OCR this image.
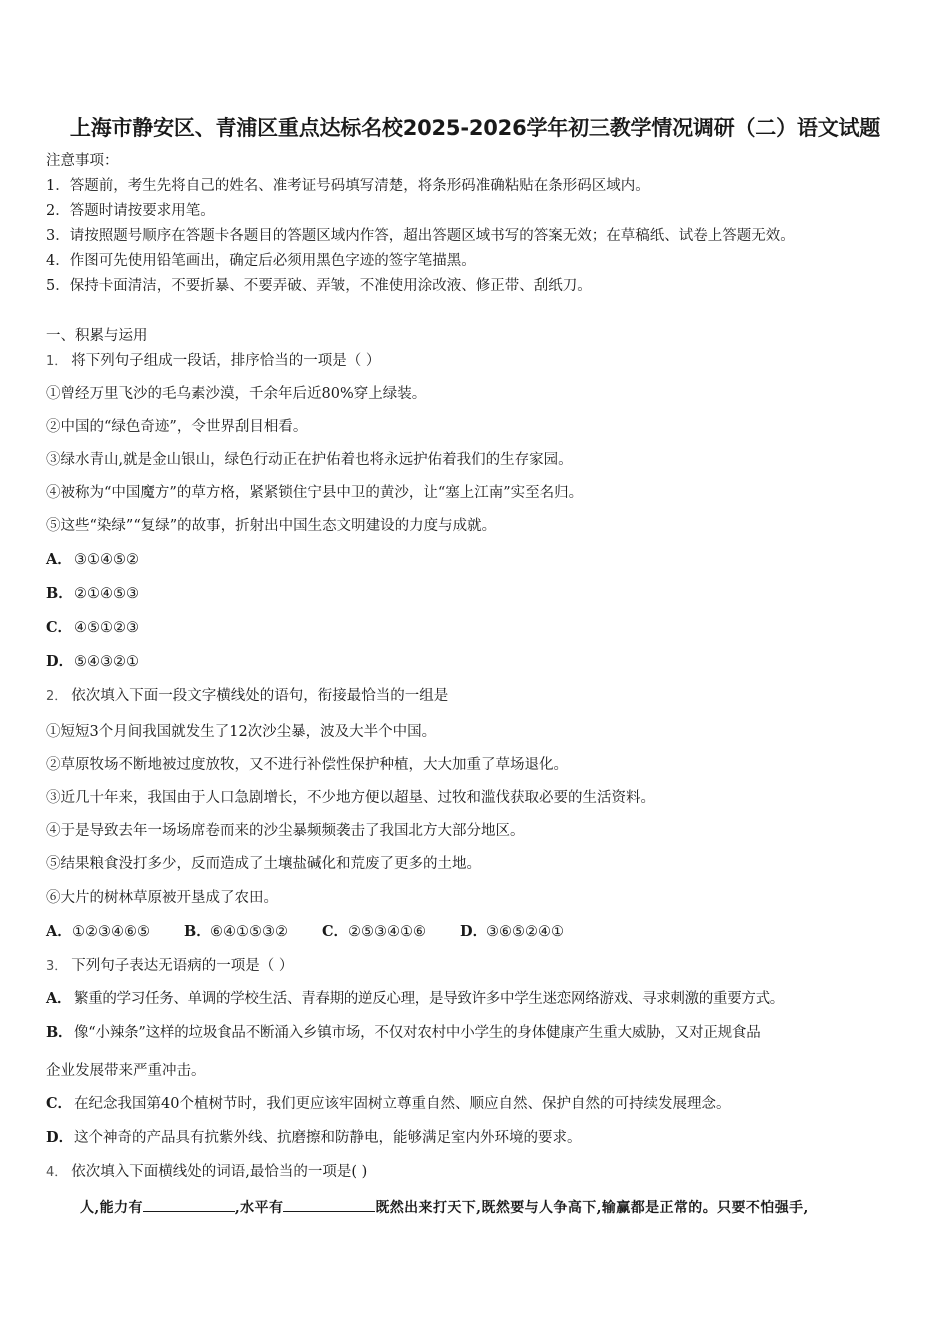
上海市静安区、青浦区重点达标名校2025-2026学年初三教学情况调研（二）语文试题
注意事项：
1．答题前，考生先将自己的姓名、准考证号码填写清楚，将条形码准确粘贴在条形码区域内。
2．答题时请按要求用笔。
3．请按照题号顺序在答题卡各题目的答题区域内作答，超出答题区域书写的答案无效；在草稿纸、试卷上答题无效。
4．作图可先使用铅笔画出，确定后必须用黑色字迹的签字笔描黑。
5．保持卡面清洁，不要折暴、不要弄破、弄皱，不准使用涂改液、修正带、刮纸刀。
一、积累与运用
1． 将下列句子组成一段话，排序恰当的一项是（ ）
①曾经万里飞沙的毛乌素沙漠，千余年后近80%穿上绿装。
②中国的“绿色奇迹”，令世界刮目相看。
③绿水青山,就是金山银山，绿色行动正在护佑着也将永远护佑着我们的生存家园。
④被称为“中国魔方”的草方格，紧紧锁住宁县中卫的黄沙，让“塞上江南”实至名归。
⑤这些“染绿”“复绿”的故事，折射出中国生态文明建设的力度与成就。
A． ③①④⑤②
B．②①④⑤③
C． ④⑤①②③
D．⑤④③②①
2． 依次填入下面一段文字横线处的语句，衔接最恰当的一组是
①短短3个月间我国就发生了12次沙尘暴，波及大半个中国。
②草原牧场不断地被过度放牧，又不进行补偿性保护种植，大大加重了草场退化。
③近几十年来，我国由于人口急剧增长，不少地方便以超垦、过牧和滥伐获取必要的生活资料。
④于是导致去年一场场席卷而来的沙尘暴频频袭击了我国北方大部分地区。
⑤结果粮食没打多少，反而造成了土壤盐碱化和荒废了更多的土地。
⑥大片的树林草原被开垦成了农田。
A．①②③④⑥⑤ B．⑥④①⑤③② C．②⑤③④①⑥ D．③⑥⑤②④①
3． 下列句子表达无语病的一项是（ ）
A． 繁重的学习任务、单调的学校生活、青春期的逆反心理，是导致许多中学生迷恋网络游戏、寻求刺激的重要方式。
B． 像“小辣条”这样的垃圾食品不断涌入乡镇市场，不仅对农村中小学生的身体健康产生重大威胁，又对正规食品
企业发展带来严重冲击。
C． 在纪念我国第40个植树节时，我们更应该牢固树立尊重自然、顺应自然、保护自然的可持续发展理念。
D．这个神奇的产品具有抗紫外线、抗磨擦和防静电，能够满足室内外环境的要求。
4． 依次填入下面横线处的词语,最恰当的一项是( )
人,能力有	,水平有	既然出来打天下,既然要与人争高下,输赢都是正常的。只要不怕强手,
